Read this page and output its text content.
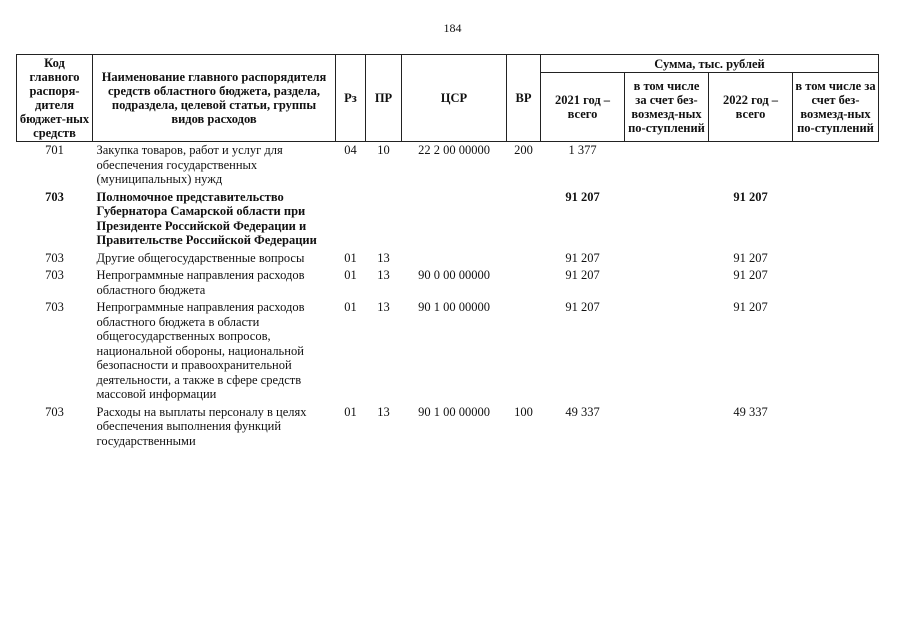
184
Код главного распоря-дителя бюджет-ных средств	Наименование главного распорядителя средств областного бюджета, раздела, подраздела, целевой статьи, группы видов расходов	Рз	ПР	ЦСР	ВР	Сумма, тыс. рублей			
						2021 год – всего	в том числе за счет без-возмезд-ных по-ступлений	2022 год – всего	в том числе за счет без-возмезд-ных по-ступлений
701	Закупка товаров, работ и услуг для обеспечения государственных (муниципальных) нужд	04	10	22 2 00 00000	200	1 377			
703	Полномочное представительство Губернатора Самарской области при Президенте Российской Федерации и Правительстве Российской Федерации					91 207		91 207	
703	Другие общегосударственные вопросы	01	13			91 207		91 207	
703	Непрограммные направления расходов областного бюджета	01	13	90 0 00 00000		91 207		91 207	
703	Непрограммные направления расходов областного бюджета в области общегосударственных вопросов, национальной обороны, национальной безопасности и правоохранительной деятельности, а также в сфере средств массовой информации	01	13	90 1 00 00000		91 207		91 207	
703	Расходы на выплаты персоналу в целях обеспечения выполнения функций государственными	01	13	90 1 00 00000	100	49 337		49 337	
